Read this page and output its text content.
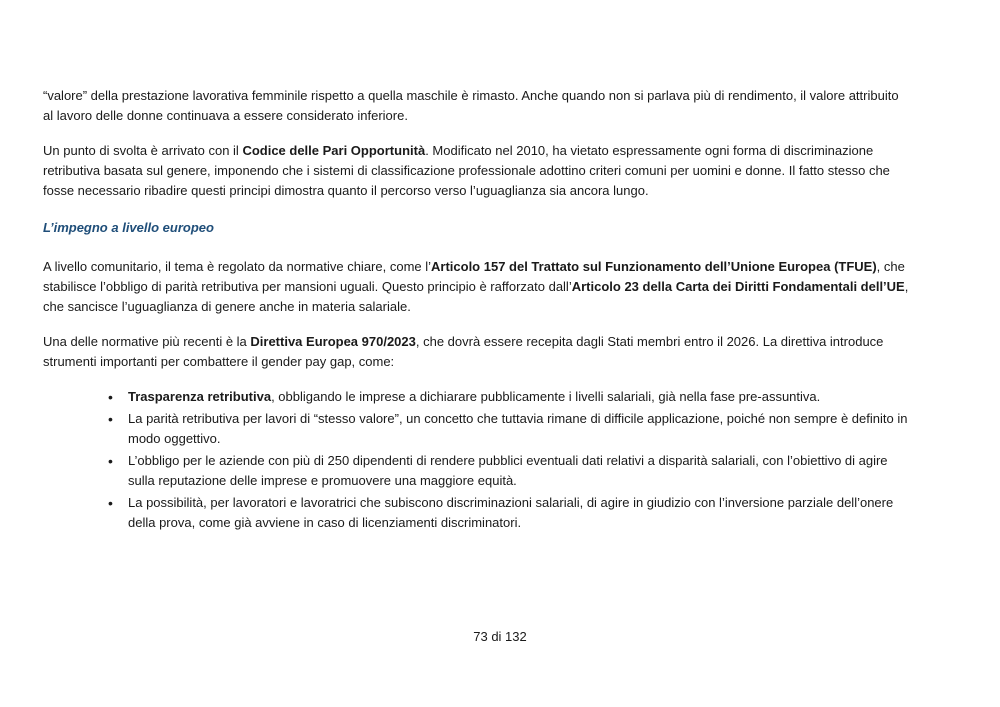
“valore” della prestazione lavorativa femminile rispetto a quella maschile è rimasto. Anche quando non si parlava più di rendimento, il valore attribuito al lavoro delle donne continuava a essere considerato inferiore.

Un punto di svolta è arrivato con il Codice delle Pari Opportunità. Modificato nel 2010, ha vietato espressamente ogni forma di discriminazione retributiva basata sul genere, imponendo che i sistemi di classificazione professionale adottino criteri comuni per uomini e donne. Il fatto stesso che fosse necessario ribadire questi principi dimostra quanto il percorso verso l’uguaglianza sia ancora lungo.

L’impegno a livello europeo

A livello comunitario, il tema è regolato da normative chiare, come l’Articolo 157 del Trattato sul Funzionamento dell’Unione Europea (TFUE), che stabilisce l’obbligo di parità retributiva per mansioni uguali. Questo principio è rafforzato dall’Articolo 23 della Carta dei Diritti Fondamentali dell’UE, che sancisce l’uguaglianza di genere anche in materia salariale.

Una delle normative più recenti è la Direttiva Europea 970/2023, che dovrà essere recepita dagli Stati membri entro il 2026. La direttiva introduce strumenti importanti per combattere il gender pay gap, come:

• Trasparenza retributiva, obbligando le imprese a dichiarare pubblicamente i livelli salariali, già nella fase pre-assuntiva.
• La parità retributiva per lavori di “stesso valore”, un concetto che tuttavia rimane di difficile applicazione, poiché non sempre è definito in modo oggettivo.
• L’obbligo per le aziende con più di 250 dipendenti di rendere pubblici eventuali dati relativi a disparità salariali, con l’obiettivo di agire sulla reputazione delle imprese e promuovere una maggiore equità.
• La possibilità, per lavoratori e lavoratrici che subiscono discriminazioni salariali, di agire in giudizio con l’inversione parziale dell’onere della prova, come già avviene in caso di licenziamenti discriminatori.
73 di 132
